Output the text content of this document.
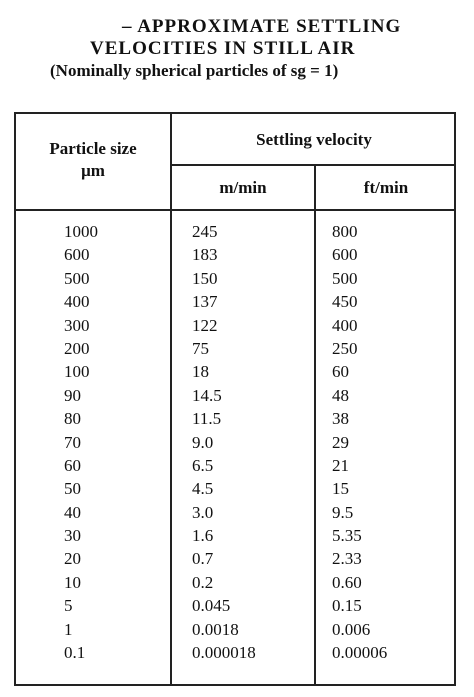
– APPROXIMATE SETTLING
VELOCITIES IN STILL AIR
(Nominally spherical particles of sg = 1)
Particle size
μm
Settling velocity
m/min	ft/min
1000	245	800
600	183	600
500	150	500
400	137	450
300	122	400
200	75	250
100	18	60
90	14.5	48
80	11.5	38
70	9.0	29
60	6.5	21
50	4.5	15
40	3.0	9.5
30	1.6	5.35
20	0.7	2.33
10	0.2	0.60
5	0.045	0.15
1	0.0018	0.006
0.1	0.000018	0.00006
